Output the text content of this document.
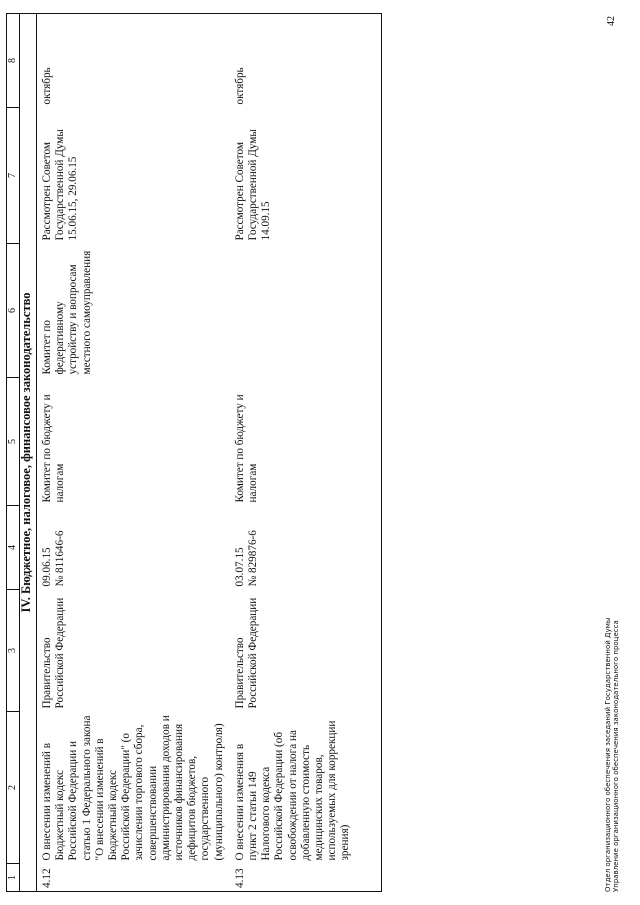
1	2	3	4	5	6	7	8
IV. Бюджетное, налоговое, финансовое законодательство							

4.12	О внесении изменений в Бюджетный кодекс Российской Федерации и статью 1 Федерального закона "О внесении изменений в Бюджетный кодекс Российской Федерации" (о зачислении торгового сбора, совершенствовании администрирования доходов и источников финансирования дефицитов бюджетов, государственного (муниципального) контроля)	Правительство Российской Федерации	09.06.15 № 811646-6	Комитет по бюджету и налогам	Комитет по федеративному устройству и вопросам местного самоуправления	Рассмотрен Советом Государственной Думы 15.06.15, 29.06.15	октябрь

4.13	О внесении изменения в пункт 2 статьи 149 Налогового кодекса Российской Федерации (об освобождении от налога на добавленную стоимость медицинских товаров, используемых для коррекции зрения)	Правительство Российской Федерации	03.07.15 № 829876-6	Комитет по бюджету и налогам		Рассмотрен Советом Государственной Думы 14.09.15	октябрь

Отдел организационного обеспечения заседаний Государственной Думы Управление организационного обеспечения законодательного процесса
42
